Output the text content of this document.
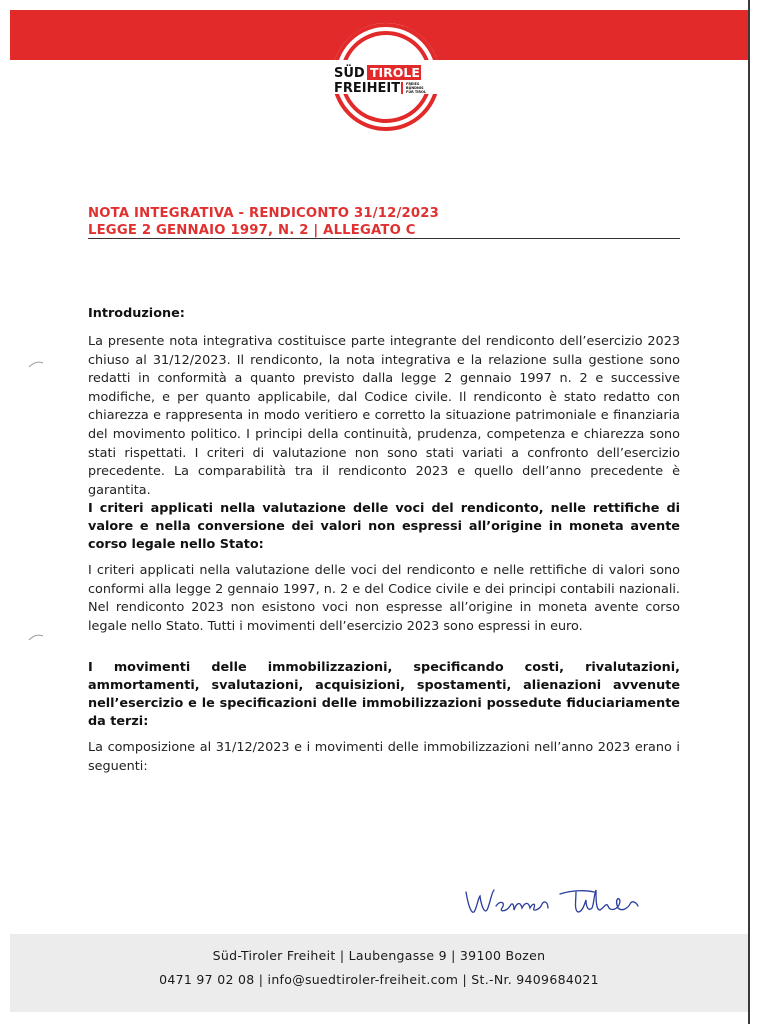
SÜD TIROLER
FREIHEIT FREIES
BÜNDNIS
FÜR TIROL
NOTA INTEGRATIVA - RENDICONTO 31/12/2023
LEGGE 2 GENNAIO 1997, N. 2 | ALLEGATO C

Introduzione:

La presente nota integrativa costituisce parte integrante del rendiconto dell’esercizio 2023 chiuso al 31/12/2023. Il rendiconto, la nota integrativa e la relazione sulla gestione sono redatti in conformità a quanto previsto dalla legge 2 gennaio 1997 n. 2 e successive modifiche, e per quanto applicabile, dal Codice civile. Il rendiconto è stato redatto con chiarezza e rappresenta in modo veritiero e corretto la situazione patrimoniale e finanziaria del movimento politico. I principi della continuità, prudenza, competenza e chiarezza sono stati rispettati. I criteri di valutazione non sono stati variati a confronto dell’esercizio precedente. La comparabilità tra il rendiconto 2023 e quello dell’anno precedente è garantita.

I criteri applicati nella valutazione delle voci del rendiconto, nelle rettifiche di valore e nella conversione dei valori non espressi all’origine in moneta avente corso legale nello Stato:

I criteri applicati nella valutazione delle voci del rendiconto e nelle rettifiche di valori sono conformi alla legge 2 gennaio 1997, n. 2 e del Codice civile e dei principi contabili nazionali. Nel rendiconto 2023 non esistono voci non espresse all’origine in moneta avente corso legale nello Stato. Tutti i movimenti dell’esercizio 2023 sono espressi in euro.

I movimenti delle immobilizzazioni, specificando costi, rivalutazioni, ammortamenti, svalutazioni, acquisizioni, spostamenti, alienazioni avvenute nell’esercizio e le specificazioni delle immobilizzazioni possedute fiduciariamente da terzi:

La composizione al 31/12/2023 e i movimenti delle immobilizzazioni nell’anno 2023 erano i seguenti:

Süd-Tiroler Freiheit | Laubengasse 9 | 39100 Bozen
0471 97 02 08 | info@suedtiroler-freiheit.com | St.-Nr. 9409684021
